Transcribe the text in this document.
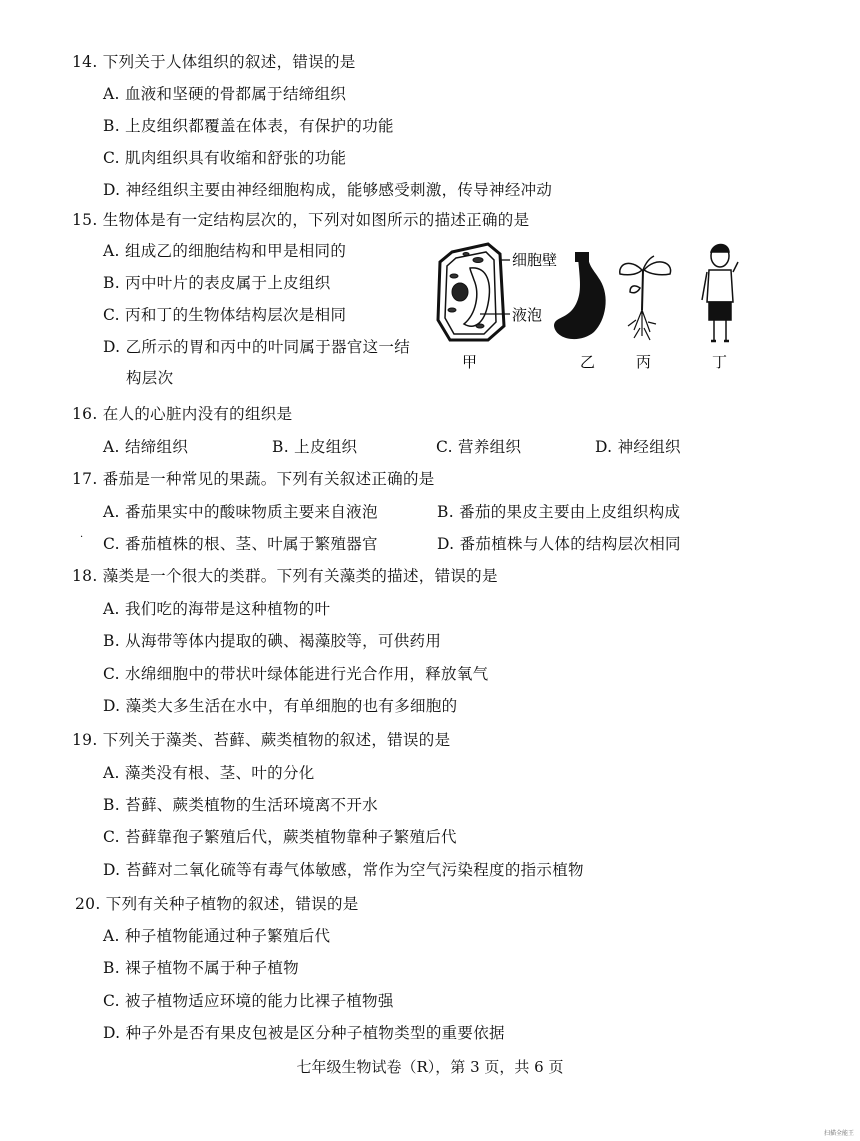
14. 下列关于人体组织的叙述，错误的是
A. 血液和坚硬的骨都属于结缔组织
B. 上皮组织都覆盖在体表，有保护的功能
C. 肌肉组织具有收缩和舒张的功能
D. 神经组织主要由神经细胞构成，能够感受刺激，传导神经冲动
15. 生物体是有一定结构层次的，下列对如图所示的描述正确的是
A. 组成乙的细胞结构和甲是相同的
B. 丙中叶片的表皮属于上皮组织
C. 丙和丁的生物体结构层次是相同
D. 乙所示的胃和丙中的叶同属于器官这一结
构层次
细胞壁
液泡
甲	乙	丙	丁
16. 在人的心脏内没有的组织是
A. 结缔组织	B. 上皮组织	C. 营养组织	D. 神经组织
17. 番茄是一种常见的果蔬。下列有关叙述正确的是
A. 番茄果实中的酸味物质主要来自液泡	B. 番茄的果皮主要由上皮组织构成
C. 番茄植株的根、茎、叶属于繁殖器官	D. 番茄植株与人体的结构层次相同
·
18. 藻类是一个很大的类群。下列有关藻类的描述，错误的是
A. 我们吃的海带是这种植物的叶
B. 从海带等体内提取的碘、褐藻胶等，可供药用
C. 水绵细胞中的带状叶绿体能进行光合作用，释放氧气
D. 藻类大多生活在水中，有单细胞的也有多细胞的
19. 下列关于藻类、苔藓、蕨类植物的叙述，错误的是
A. 藻类没有根、茎、叶的分化
B. 苔藓、蕨类植物的生活环境离不开水
C. 苔藓靠孢子繁殖后代，蕨类植物靠种子繁殖后代
D. 苔藓对二氧化硫等有毒气体敏感，常作为空气污染程度的指示植物
20. 下列有关种子植物的叙述，错误的是
A. 种子植物能通过种子繁殖后代
B. 裸子植物不属于种子植物
C. 被子植物适应环境的能力比裸子植物强
D. 种子外是否有果皮包被是区分种子植物类型的重要依据
七年级生物试卷（R），第 3 页，共 6 页
扫描全能王
